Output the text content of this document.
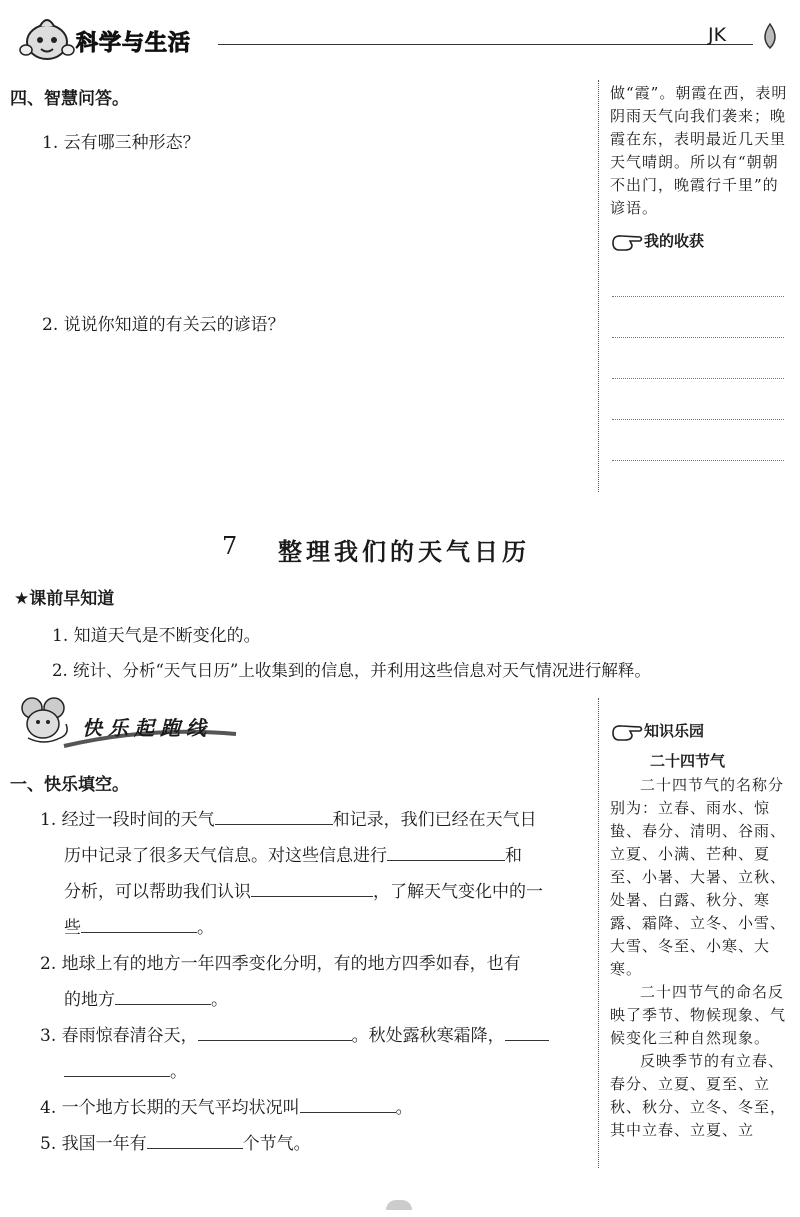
科学与生活	JK
四、智慧问答。
1. 云有哪三种形态？
2. 说说你知道的有关云的谚语？

做“霞”。朝霞在西，表明阴雨天气向我们袭来；晚霞在东，表明最近几天里天气晴朗。所以有“朝朝不出门，晚霞行千里”的谚语。

我的收获
7 整理我们的天气日历
★课前早知道
1. 知道天气是不断变化的。
2. 统计、分析“天气日历”上收集到的信息，并利用这些信息对天气情况进行解释。
快乐起跑线
一、快乐填空。

1. 经过一段时间的天气	和记录，我们已经在天气日

历中记录了很多天气信息。对这些信息进行	和

分析，可以帮助我们认识	，了解天气变化中的一

些	。

2. 地球上有的地方一年四季变化分明，有的地方四季如春，也有

的地方	。

3. 春雨惊春清谷天，	。秋处露秋寒霜降，

。

4. 一个地方长期的天气平均状况叫	。

5. 我国一年有	个节气。

知识乐园
二十四节气

二十四节气的名称分别为：立春、雨水、惊蛰、春分、清明、谷雨、立夏、小满、芒种、夏至、小暑、大暑、立秋、处暑、白露、秋分、寒露、霜降、立冬、小雪、大雪、冬至、小寒、大寒。

二十四节气的命名反映了季节、物候现象、气候变化三种自然现象。

反映季节的有立春、春分、立夏、夏至、立秋、秋分、立冬、冬至，其中立春、立夏、立
